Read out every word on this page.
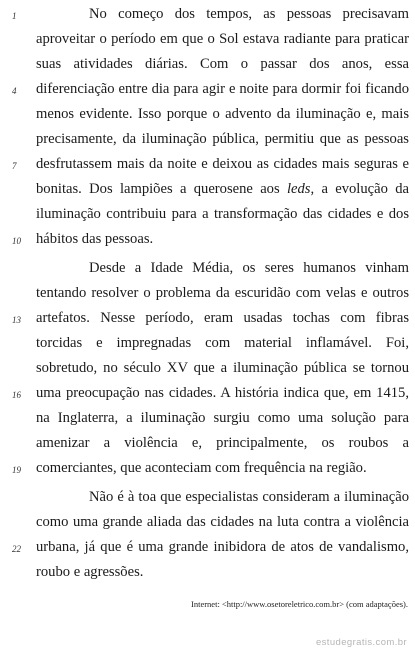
No começo dos tempos, as pessoas precisavam
aproveitar o período em que o Sol estava radiante para praticar
suas atividades diárias. Com o passar dos anos, essa
diferenciação entre dia para agir e noite para dormir foi ficando
menos evidente. Isso porque o advento da iluminação e, mais
precisamente, da iluminação pública, permitiu que as pessoas
desfrutassem mais da noite e deixou as cidades mais seguras e
bonitas. Dos lampiões a querosene aos leds, a evolução da
iluminação contribuiu para a transformação das cidades e dos
hábitos das pessoas.
Desde a Idade Média, os seres humanos vinham
tentando resolver o problema da escuridão com velas e outros
artefatos. Nesse período, eram usadas tochas com fibras
torcidas e impregnadas com material inflamável. Foi,
sobretudo, no século XV que a iluminação pública se tornou
uma preocupação nas cidades. A história indica que, em 1415,
na Inglaterra, a iluminação surgiu como uma solução para
amenizar a violência e, principalmente, os roubos a
comerciantes, que aconteciam com frequência na região.
Não é à toa que especialistas consideram a iluminação
como uma grande aliada das cidades na luta contra a violência
urbana, já que é uma grande inibidora de atos de vandalismo,
roubo e agressões.
1
4
7
10
13
16
19
22
Internet: <http://www.osetoreletrico.com.br> (com adaptações).
estudegratis.com.br
